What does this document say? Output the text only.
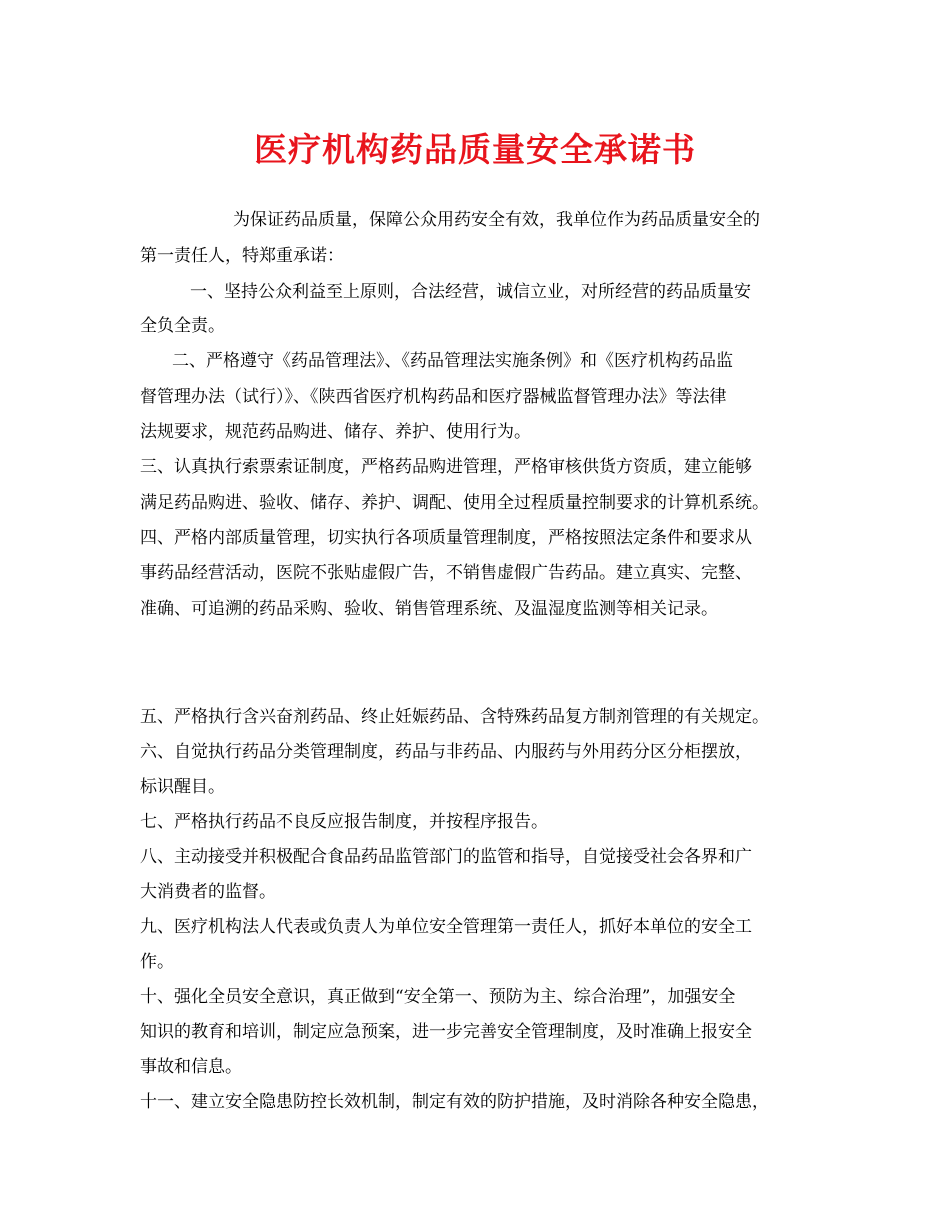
医疗机构药品质量安全承诺书
为保证药品质量，保障公众用药安全有效，我单位作为药品质量安全的
第一责任人，特郑重承诺：
一、坚持公众利益至上原则，合法经营，诚信立业，对所经营的药品质量安
全负全责。
二、严格遵守《药品管理法》、《药品管理法实施条例》和《医疗机构药品监
督管理办法（试行）》、《陕西省医疗机构药品和医疗器械监督管理办法》等法律
法规要求，规范药品购进、储存、养护、使用行为。
三、认真执行索票索证制度，严格药品购进管理，严格审核供货方资质，建立能够
满足药品购进、验收、储存、养护、调配、使用全过程质量控制要求的计算机系统。
四、严格内部质量管理，切实执行各项质量管理制度，严格按照法定条件和要求从
事药品经营活动，医院不张贴虚假广告，不销售虚假广告药品。建立真实、完整、
准确、可追溯的药品采购、验收、销售管理系统、及温湿度监测等相关记录。
五、严格执行含兴奋剂药品、终止妊娠药品、含特殊药品复方制剂管理的有关规定。
六、自觉执行药品分类管理制度，药品与非药品、内服药与外用药分区分柜摆放，
标识醒目。
七、严格执行药品不良反应报告制度，并按程序报告。
八、主动接受并积极配合食品药品监管部门的监管和指导，自觉接受社会各界和广
大消费者的监督。
九、医疗机构法人代表或负责人为单位安全管理第一责任人，抓好本单位的安全工
作。
十、强化全员安全意识，真正做到“安全第一、预防为主、综合治理”，加强安全
知识的教育和培训，制定应急预案，进一步完善安全管理制度，及时准确上报安全
事故和信息。
十一、建立安全隐患防控长效机制，制定有效的防护措施，及时消除各种安全隐患，
